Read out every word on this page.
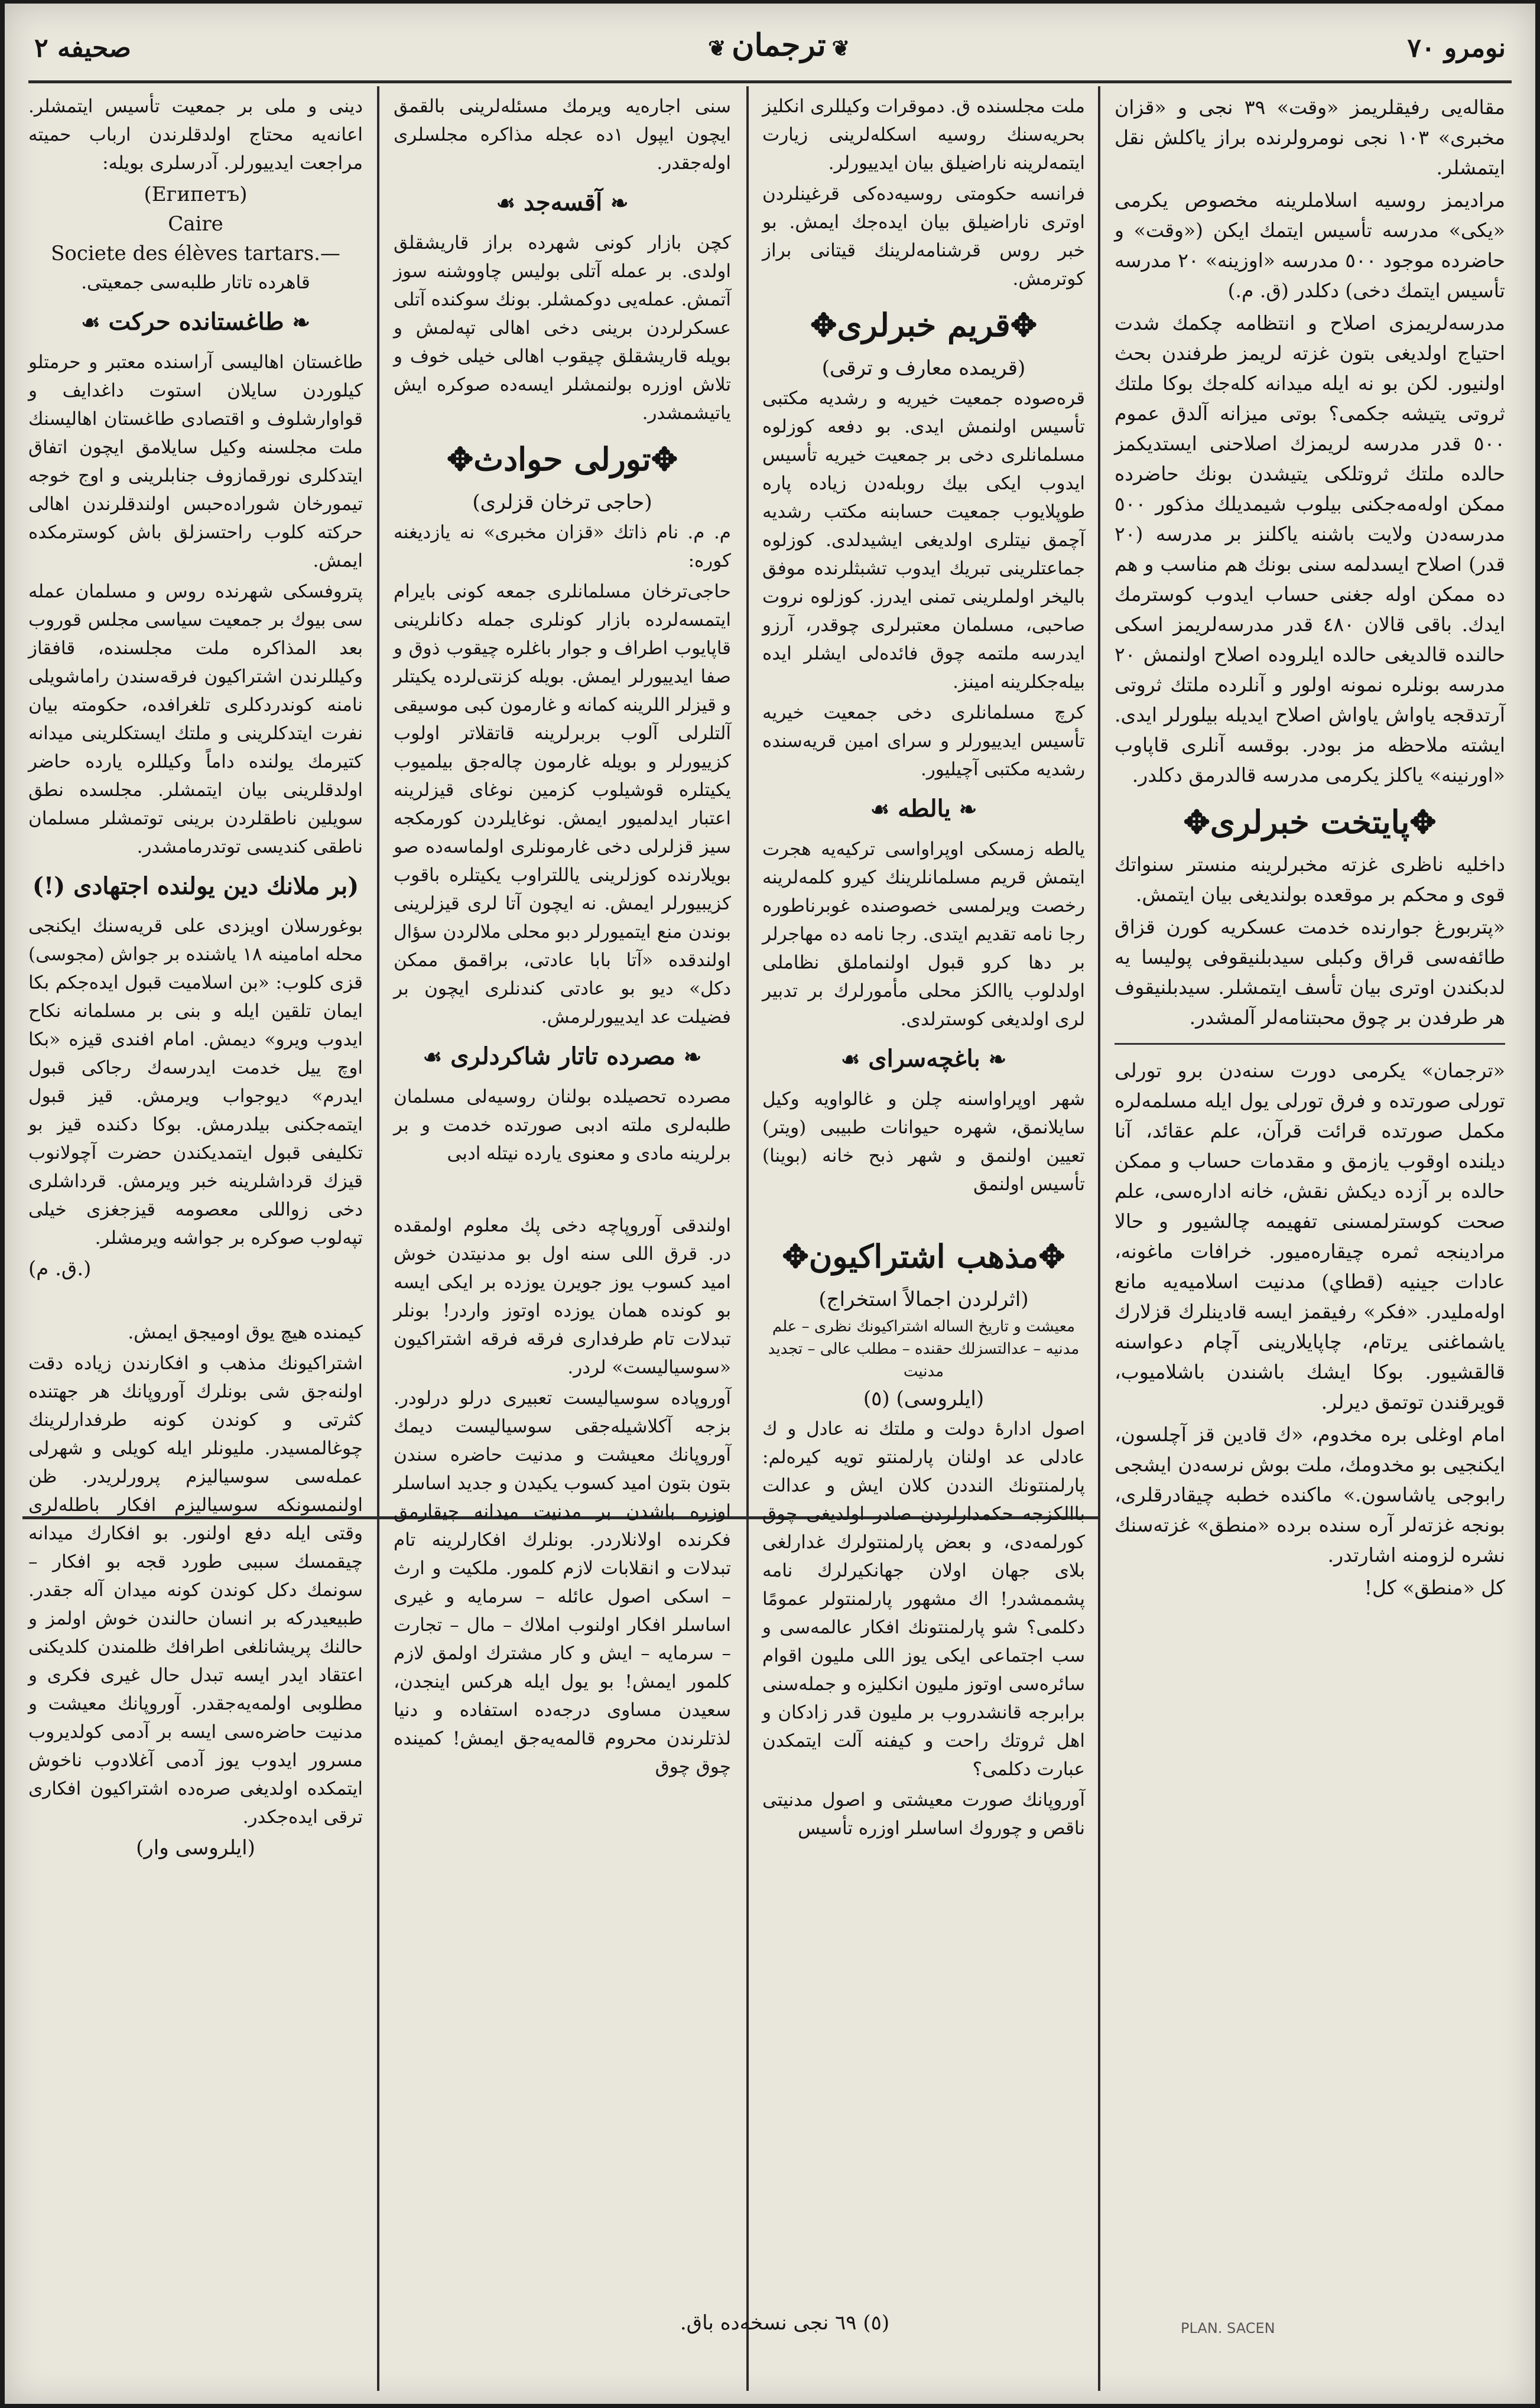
صحيفه ٢	❦ ترجمان ❦	نومرو ٧٠

مقالەيی رفيقلريمز «وقت» ٣٩ نجی و «قزان مخبری» ١٠٣ نجی نومرولرنده براز ياكلش نقل ايتمشلر.

مراديمز روسيه اسلاملرينه مخصوص يكرمی «يكی» مدرسه تأسيس ايتمك ايكن («وقت» و حاضرده موجود ٥٠٠ مدرسه «اوزينه» ٢٠ مدرسه تأسيس ايتمك دخی) دكلدر (ق. م.)

مدرسەلريمزی اصلاح و انتظامه چكمك شدت احتياج اولديغی بتون غزته لريمز طرفندن بحث اولنيور. لكن بو نه ايله ميدانه كلەجك بوكا ملتك ثروتی يتيشه جكمی؟ بوتی ميزانه آلدق عموم ٥٠٠ قدر مدرسه لريمزك اصلاحنی ايستديكمز حالده ملتك ثروتلكی يتيشدن بونك حاضرده ممكن اولەمەجكنی بيلوب شيمديلك مذكور ٥٠٠ مدرسەدن ولايت باشنه ياكلنز بر مدرسه (٢٠ قدر) اصلاح ايسدلمه سنی بونك هم مناسب و هم ده ممكن اوله جغنی حساب ايدوب كوسترمك ايدك. باقی قالان ٤٨٠ قدر مدرسه‌لريمز اسكی حالنده قالديغی حالده ايلروده اصلاح اولنمش ٢٠ مدرسه بونلره نمونه اولور و آنلرده ملتك ثروتی آرتدقجه ياواش ياواش اصلاح ايديله بيلورلر ايدی. ايشته ملاحظه مز بودر. بوقسه آنلری قاپاوب «اورنينه» ياكلز يكرمی مدرسه قالدرمق دكلدر.

✥پايتخت خبرلری✥

داخليه ناظری غزته مخبرلرينه منستر سنواتك قوی و محكم بر موقعده بولنديغی بيان ايتمش.

«پتربورغ جوارنده خدمت عسكريه كورن قزاق طائفەسی قراق وكبلی سيدبلنيقوفی پوليسا يه لدبكندن اوتری بيان تأسف ايتمشلر. سيدبلنيقوف هر طرفدن بر چوق محبتنامەلر آلمشدر.

«ترجمان» يكرمی دورت سنه‌دن برو تورلی تورلی صورتده و فرق تورلی يول ايله مسلمه‌لره مكمل صورتده قرائت قرآن، علم عقائد، آنا ديلنده اوقوب يازمق و مقدمات حساب و ممكن حالده بر آزده ديكش نقش، خانه ادارەسی، علم صحت كوسترلمسنی تفهيمه چالشيور و حالا مرادينجه ثمره چيقارەميور. خرافات ماغونه، عادات جينيه (قطاي) مدنيت اسلاميه‌يه مانع اولەمليدر. «فكر» رفيقمز ايسه قادينلرك قزلارك ياشماغنی يرتام، چاپايلارينی آچام دعواسنه قالقشيور. بوكا ايشك باشندن باشلاميوب، قويرقندن توتمق ديرلر.

امام اوغلی بره مخدوم، «ك قادين قز آچلسون، ايكنجيی بو مخدومك، ملت بوش نرسەدن ايشجی رابوجی ياشاسون.» ماكنده خطبه چيقادرقلری، بونجه غزته‌لر آره سنده برده «منطق» غزته‌سنك نشره لزومنه اشارتدر.

كل «منطق» كل!

ملت مجلسنده ق. دموقرات وكيللری انكليز بحريه‌سنك روسيه اسكله‌لرينی زيارت ايتمەلرينه ناراضيلق بيان ايدييورلر.

فرانسه حكومتی روسيه‌ده‌كی قرغينلردن اوتری ناراضيلق بيان ايدەجك ايمش. بو خبر روس قرشنامەلرينك قيتانی براز كوترمش.

✥قريم خبرلری✥
(قريمده معارف و ترقی)

قره‌صوده جمعيت خيريه و رشديه مكتبی تأسيس اولنمش ايدی. بو دفعه كوزلوه مسلمانلری دخی بر جمعيت خيريه تأسيس ايدوب ايكی بيك روبلەدن زياده پاره طوپلايوب جمعيت حسابنه مكتب رشديه آچمق نيتلری اولديغی ايشيدلدی. كوزلوه جماعتلرينی تبريك ايدوب تشبثلرنده موفق باليخر اولملرينی تمنی ايدرز. كوزلوه نروت صاحبی، مسلمان معتبرلری چوقدر، آرزو ايدرسه ملتمه چوق فائده‌لی ايشلر ايده بيله‌جكلرينه امينز.

كرچ مسلمانلری دخی جمعيت خيريه تأسيس ايدييورلر و سرای امين قريه‌سنده رشديه مكتبی آچيليور.

❧يالطه☙

يالطه زمسكی اوپراواسی تركيه‌يه هجرت ايتمش قريم مسلمانلرينك كيرو كلمەلرينه رخصت ويرلمسی خصوصنده غوبرناطوره رجا نامه تقديم ايتدی. رجا نامه ده مهاجرلر بر دها كرو قبول اولنماملق نظاملی اولدلوب ياالكز محلی مأمورلرك بر تدبير لری اولديغی كوسترلدی.

❧باغچه‌سرای☙

شهر اوپراواسنه چلن و غالواويه وكيل سايلانمق، شهره حيوانات طبيبی (ويتر) تعيين اولنمق و شهر ذبح خانه (بوينا) تأسيس اولنمق

✥مذهب اشتراكيون✥
(اثرلردن اجمالاً استخراج)
معيشت و تاريخ الساله اشتراكيونك نظری – علم مدنيه – عدالتسزلك حقنده – مطلب عالی – تجديد مدنيت
(ايلروسی) (٥)

اصول ادارهٔ دولت و ملتك نه عادل و ك عادلی عد اولنان پارلمنتو تويه كيرەلم: پارلمنتونك النددن كلان ايش و عدالت باالكزجه حكمدارلردن صادر اولديغی چوق كورلمەدی، و بعض پارلمنتولرك غدارلغی بلای جهان اولان جهانكيرلرك نامه پشممشدر! اك مشهور پارلمنتولر عمومًا دكلمی؟ شو پارلمنتونك افكار عالمه‌سی و سب اجتماعی ايكی يوز اللی مليون اقوام سائرەسی اوتوز مليون انكليزه و جملەسنی برابرجه قانشدروب بر مليون قدر زادكان و اهل ثروتك راحت و كيفنه آلت ايتمكدن عبارت دكلمی؟

آوروپانك صورت معيشتی و اصول مدنيتی ناقص و چوروك اساسلر اوزره تأسيس

سنی اجارەيه ويرمك مسئله‌لرينی بالقمق ايچون ايپول ١ده عجله مذاكره مجلسلری اوله‌جقدر.

❧آقسه‌جد☙

كچن بازار كونی شهرده براز قاريشقلق اولدی. بر عمله آتلی بوليس چاووشنه سوز آتمش. عمله‌يی دوكمشلر. بونك سوكنده آتلی عسكرلردن برينی دخی اهالی تپەلمش و بويله قاريشقلق چيقوب اهالی خيلی خوف و تلاش اوزره بولنمشلر ايسه‌ده صوكره ايش ياتيشمشدر.

✥تورلی حوادث✥
(حاجی ترخان قزلری)

م. م. نام ذاتك «قزان مخبری» نه يازديغنه كوره:

حاجی‌ترخان مسلمانلری جمعه كونی بايرام ايتمسه‌لرده بازار كونلری جمله دكانلرينی قاپايوب اطراف و جوار باغلره چيقوب ذوق و صفا ايدييورلر ايمش. بويله كزنتی‌لرده يكيتلر و قيزلر اللرينه كمانه و غارمون كبی موسيقی آلتلرلی آلوب بربرلرينه قاتقلاتر اولوب كزييورلر و بويله غارمون چالەجق بيلميوب يكيتلره قوشيلوب كزمين نوغای قيزلرينه اعتبار ايدلميور ايمش. نوغايلردن كورمكجه سيز قزلرلی دخی غارمونلری اولماسه‌ده صو بويلارنده كوزلرينی ياللتراوب يكيتلره باقوب كزيبيورلر ايمش. نه ايچون آتا لری قيزلرينی بوندن منع ايتميورلر دبو محلی ملالردن سؤال اولندقده «آتا بابا عادتی، براقمق ممكن دكل» ديو بو عادتی كندنلری ايچون بر فضيلت عد ايدييورلرمش.

❧مصرده تاتار شاكردلری☙

مصرده تحصيلده بولنان روسيه‌لی مسلمان طلبەلری ملته ادبی صورتده خدمت و بر برلرينه مادی و معنوی يارده نيتله ادبی

اولندقی آوروپاچه دخی پك معلوم اولمقده در. قرق اللی سنه اول بو مدنيتدن خوش اميد كسوب يوز جويرن يوزده بر ايكی ايسه بو كونده همان يوزده اوتوز واردر! بونلر تبدلات تام طرفداری فرقه فرقه اشتراكيون «سوسياليست» لردر.

آوروپاده سوسياليست تعبيری درلو درلودر. بزجه آكلاشيله‌جقی سوسياليست ديمك آوروپانك معيشت و مدنيت حاضره سندن بتون بتون اميد كسوب يكيدن و جديد اساسلر اوزره باشدن بر مدنيت ميدانه چيقارمق فكرنده اولانلاردر. بونلرك افكارلرينه تام تبدلات و انقلابات لازم كلمور. ملكيت و ارث – اسكی اصول عائله – سرمايه و غيری اساسلر افكار اولنوب املاك – مال – تجارت – سرمايه – ايش و كار مشترك اولمق لازم كلمور ايمش! بو يول ايله هركس اينجدن، سعيدن مساوی درجەده استفاده و دنيا لذتلرندن محروم قالمەيەجق ايمش! كمينده چوق چوق

دينی و ملی بر جمعيت تأسيس ايتمشلر. اعانەيه محتاج اولدقلرندن ارباب حميته مراجعت ايدييورلر. آدرسلری بويله:

(Египетъ)
Caire
Societe des élèves tartars.—

قاهرده تاتار طلبه‌سی جمعيتی.

❧طاغستانده حركت☙

طاغستان اهاليسی آراسنده معتبر و حرمتلو كيلوردن سايلان استوت داغدايف و قواوارشلوف و اقتصادی طاغستان اهاليسنك ملت مجلسنه وكيل سايلامق ايچون اتفاق ايتدكلری نورقمازوف جنابلرينی و اوج خوجه تيمورخان شوراده‌حبس اولندقلرندن اهالی حركته كلوب راحتسزلق باش كوسترمكده ايمش.

پتروفسكی شهرنده روس و مسلمان عمله سی بيوك بر جمعيت سياسی مجلس قوروب بعد المذاكره ملت مجلسنده، قافقاز وكيللرندن اشتراكيون فرقه‌سندن راماشويلی نامنه كوندردكلری تلغرافده، حكومته بيان نفرت ايتدكلرينی و ملتك ايستكلرينی ميدانه كتيرمك يولنده داماً وكيللره يارده حاضر اولدقلرينی بيان ايتمشلر. مجلسده نطق سويلين ناطقلردن برينی توتمشلر مسلمان ناطقی كنديسی توتدرمامشدر.

(بر ملانك دين يولنده اجتهادی (!)

بوغورسلان اويزدی علی قريه‌سنك ايكنجی محله امامينه ١٨ ياشنده بر جواش (مجوسی) قزی كلوب: «بن اسلاميت قبول ايدەجكم بكا ايمان تلقين ايله و بنی بر مسلمانه نكاح ايدوب ويرو» ديمش. امام افندی قيزه «بكا اوچ ييل خدمت ايدرسه‌ك رجاكی قبول ايدرم» ديوجواب ويرمش. قيز قبول ايتمەجكنی بيلدرمش. بوكا دكنده قيز بو تكليفی قبول ايتمديكندن حضرت آچولانوب قيزك قرداشلرينه خبر ويرمش. قرداشلری دخی زواللی معصومه قيزجغزی خيلی تپەلوب صوكره بر جواشه ويرمشلر.

(ق. م.)

كيمنده هيچ يوق اوميجق ايمش.

اشتراكيونك مذهب و افكارندن زياده دقت اولنەجق شی بونلرك آوروپانك هر جهتنده كثرتی و كوندن كونه طرفدارلرينك چوغالمسيدر. مليونلر ايله كويلی و شهرلی عمله‌سی سوسياليزم پرورلريدر. ظن اولنمسونكه سوسياليزم افكار باطله‌لری وقتی ايله دفع اولنور. بو افكارك ميدانه چيقمسك سببی طورد قجه بو افكار – سونمك دكل كوندن كونه ميدان آله جقدر. طبيعيدركه بر انسان حالندن خوش اولمز و حالنك پريشانلغی اطرافك ظلمندن كلديكنی اعتقاد ايدر ايسه تبدل حال غيری فكری و مطلوبی اولمه‌يه‌جقدر. آوروپانك معيشت و مدنيت حاضرەسی ايسه بر آدمی كولديروب مسرور ايدوب يوز آدمی آغلادوب ناخوش ايتمكده اولديغی صرەده اشتراكيون افكاری ترقی ايده‌جكدر.

(ايلروسی وار)
(٥) ٦٩ نجی نسخه‌ده باق.	PLAN. SACEN
